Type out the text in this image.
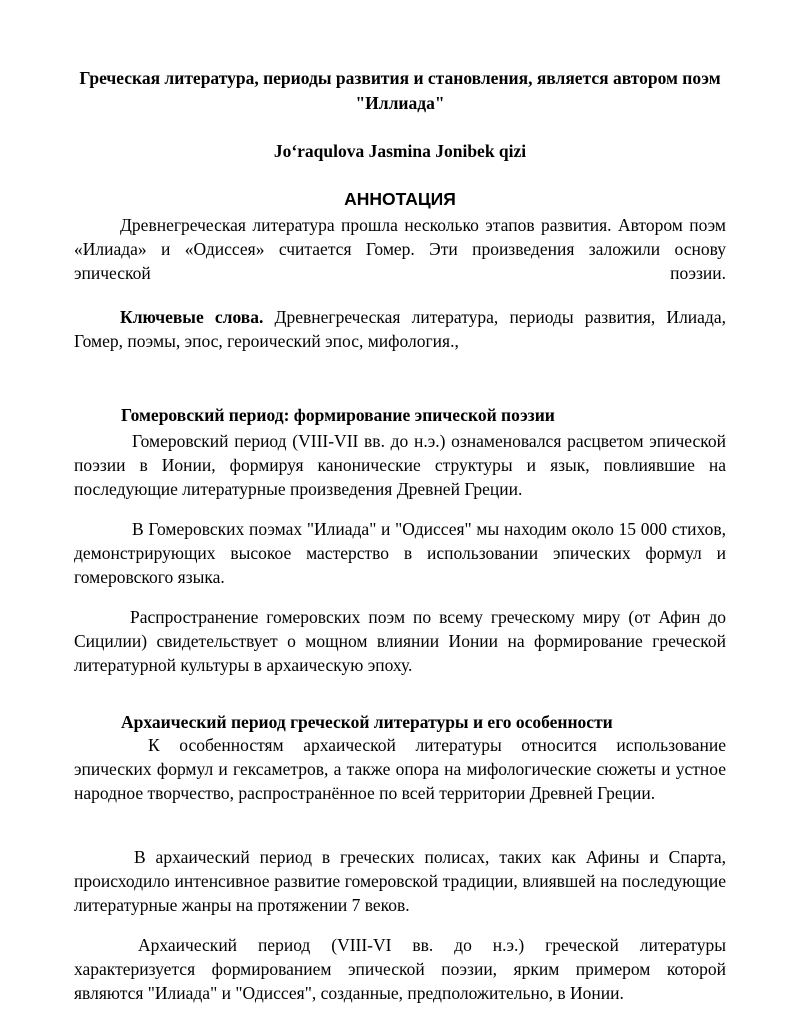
Греческая литература, периоды развития и становления, является автором поэм "Иллиада"
Jo‘raqulova Jasmina Jonibek qizi
АННОТАЦИЯ

Древнегреческая литература прошла несколько этапов развития. Автором поэм «Илиада» и «Одиссея» считается Гомер. Эти произведения заложили основу эпической поэзии.

Ключевые слова. Древнегреческая литература, периоды развития, Илиада, Гомер, поэмы, эпос, героический эпос, мифология.,

Гомеровский период: формирование эпической поэзии

Гомеровский период (VIII-VII вв. до н.э.) ознаменовался расцветом эпической поэзии в Ионии, формируя канонические структуры и язык, повлиявшие на последующие литературные произведения Древней Греции.

В Гомеровских поэмах "Илиада" и "Одиссея" мы находим около 15 000 стихов, демонстрирующих высокое мастерство в использовании эпических формул и гомеровского языка.

Распространение гомеровских поэм по всему греческому миру (от Афин до Сицилии) свидетельствует о мощном влиянии Ионии на формирование греческой литературной культуры в архаическую эпоху.

Архаический период греческой литературы и его особенности

К особенностям архаической литературы относится использование эпических формул и гексаметров, а также опора на мифологические сюжеты и устное народное творчество, распространённое по всей территории Древней Греции.

В архаический период в греческих полисах, таких как Афины и Спарта, происходило интенсивное развитие гомеровской традиции, влиявшей на последующие литературные жанры на протяжении 7 веков.

Архаический период (VIII-VI вв. до н.э.) греческой литературы характеризуется формированием эпической поэзии, ярким примером которой являются "Илиада" и "Одиссея", созданные, предположительно, в Ионии.
